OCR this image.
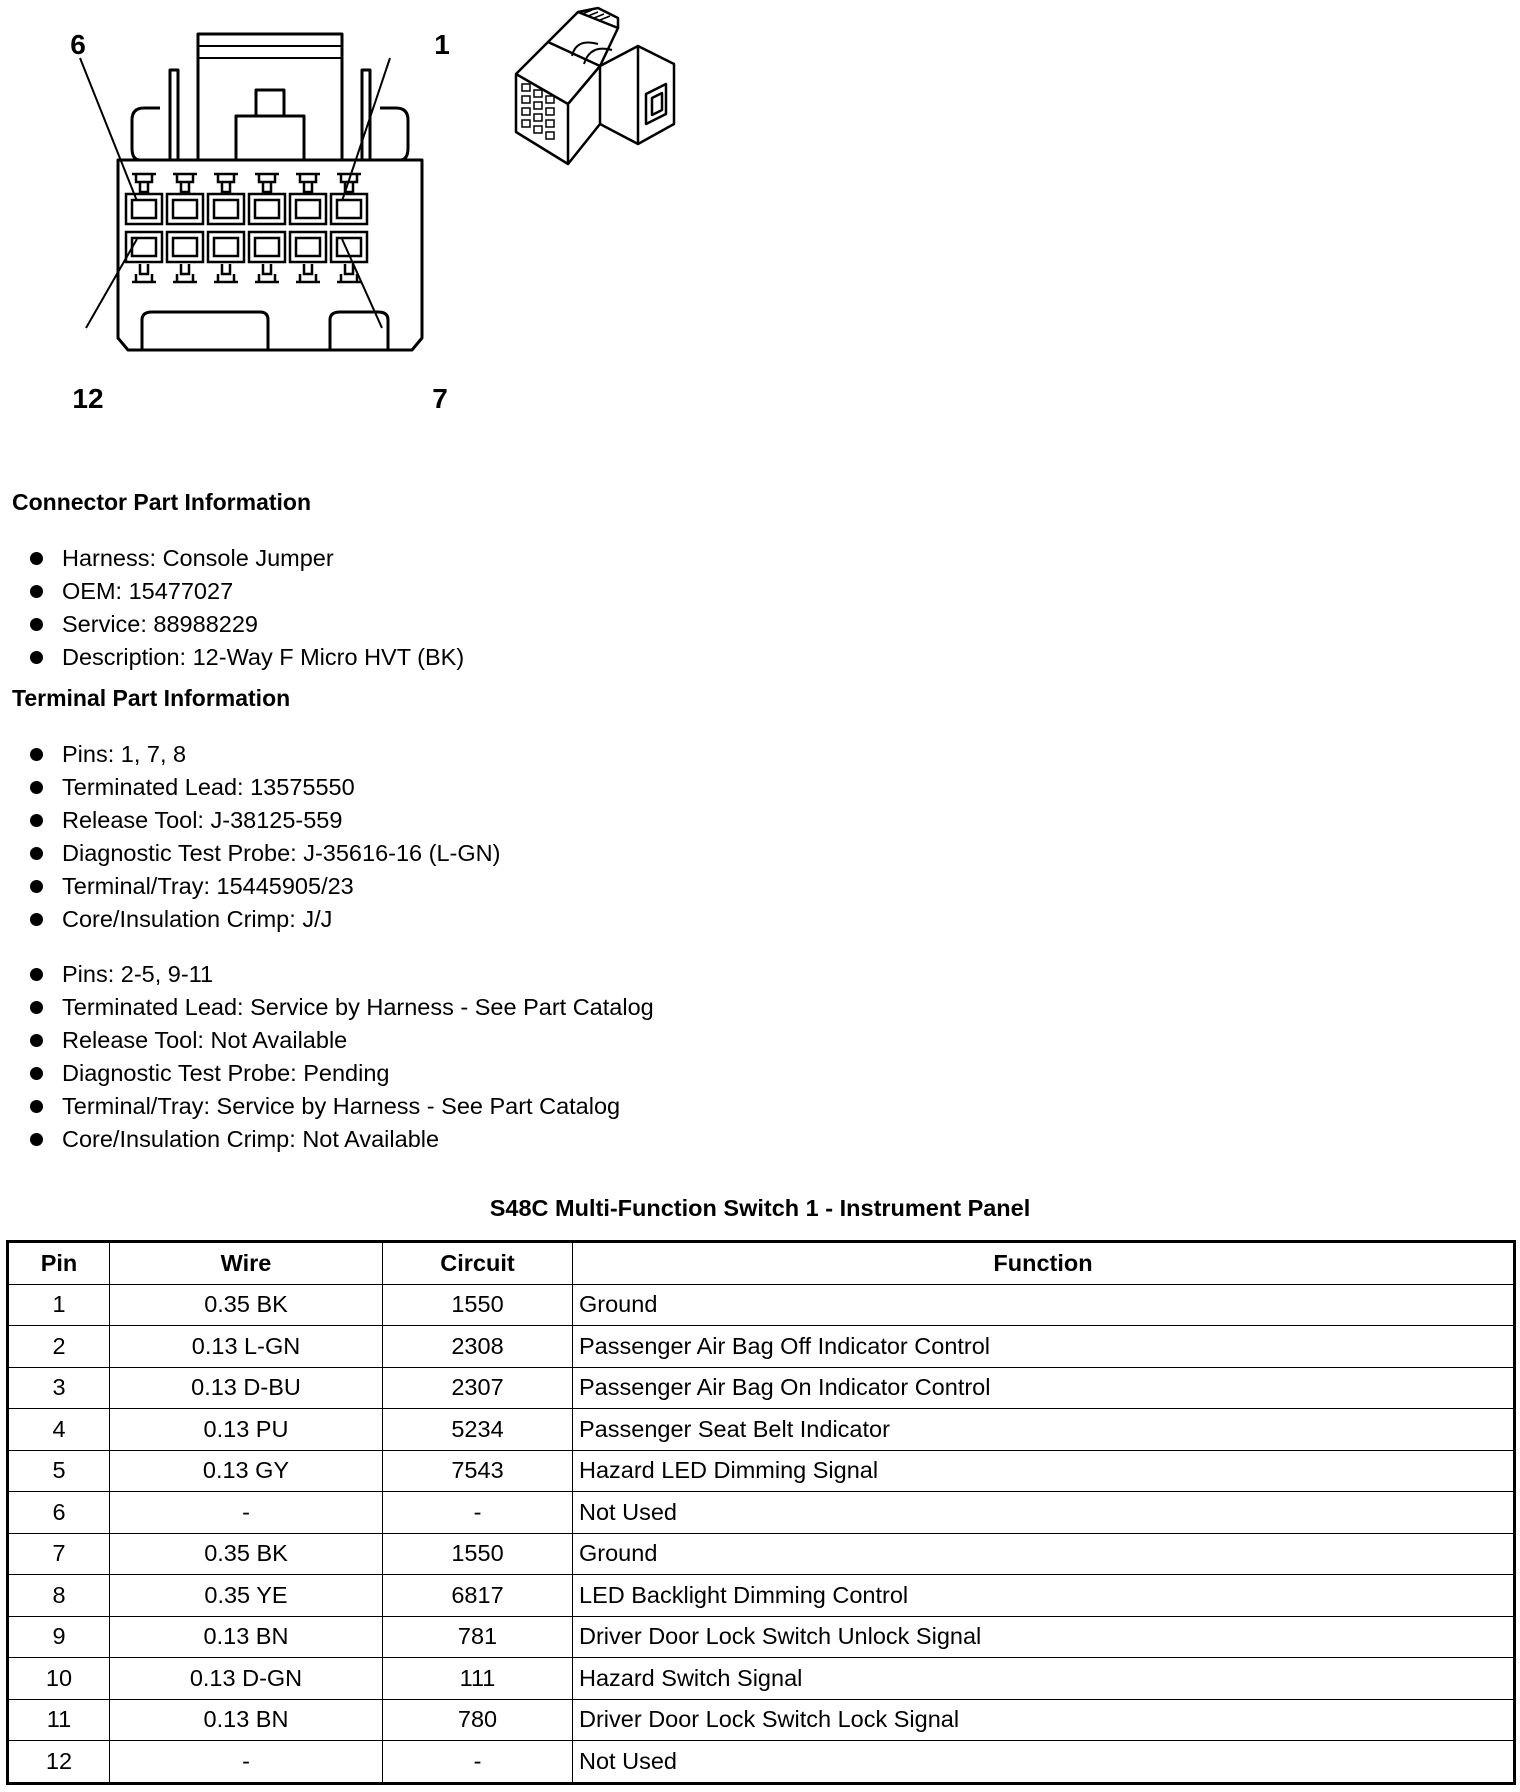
6	1
12	7
Connector Part Information
Harness: Console Jumper
OEM: 15477027
Service: 88988229
Description: 12-Way F Micro HVT (BK)
Terminal Part Information
Pins: 1, 7, 8
Terminated Lead: 13575550
Release Tool: J-38125-559
Diagnostic Test Probe: J-35616-16 (L-GN)
Terminal/Tray: 15445905/23
Core/Insulation Crimp: J/J
Pins: 2-5, 9-11
Terminated Lead: Service by Harness - See Part Catalog
Release Tool: Not Available
Diagnostic Test Probe: Pending
Terminal/Tray: Service by Harness - See Part Catalog
Core/Insulation Crimp: Not Available
S48C Multi-Function Switch 1 - Instrument Panel
Pin	Wire	Circuit	Function
1	0.35 BK	1550	Ground
2	0.13 L-GN	2308	Passenger Air Bag Off Indicator Control
3	0.13 D-BU	2307	Passenger Air Bag On Indicator Control
4	0.13 PU	5234	Passenger Seat Belt Indicator
5	0.13 GY	7543	Hazard LED Dimming Signal
6	-	-	Not Used
7	0.35 BK	1550	Ground
8	0.35 YE	6817	LED Backlight Dimming Control
9	0.13 BN	781	Driver Door Lock Switch Unlock Signal
10	0.13 D-GN	111	Hazard Switch Signal
11	0.13 BN	780	Driver Door Lock Switch Lock Signal
12	-	-	Not Used
